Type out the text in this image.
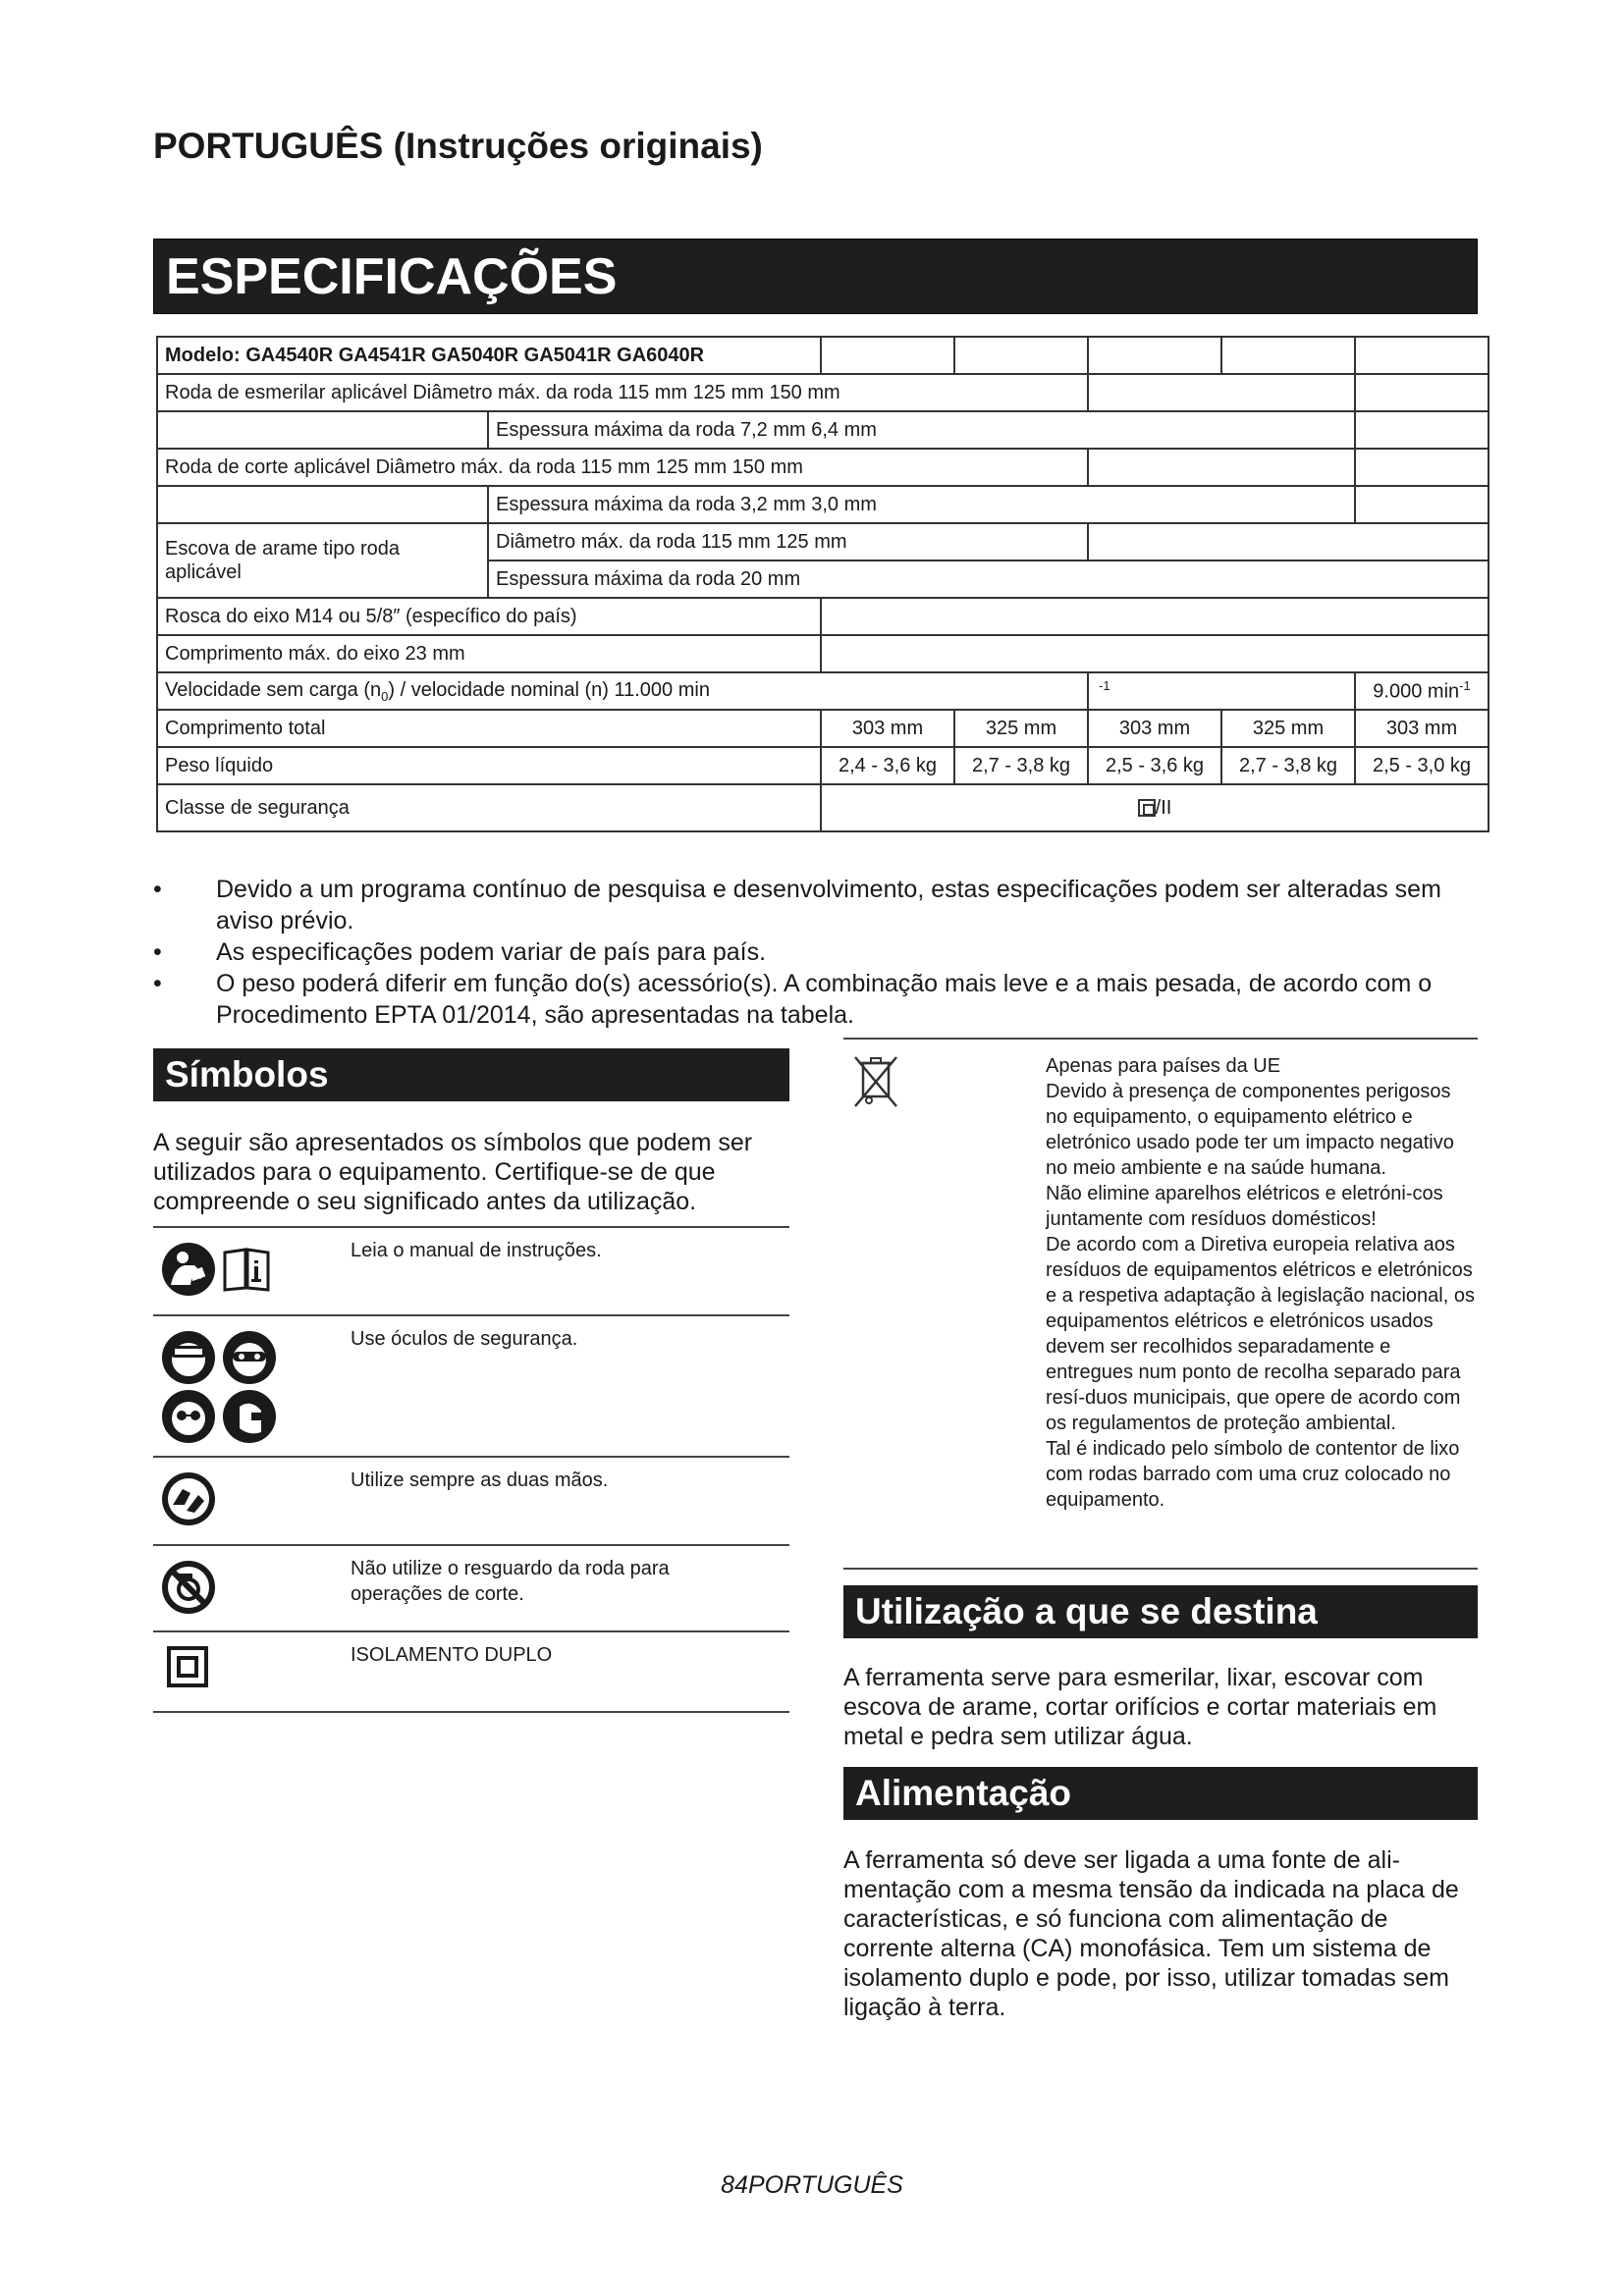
PORTUGUÊS (Instruções originais)
ESPECIFICAÇÕES
Modelo: GA4540R GA4541R GA5040R GA5041R GA6040R						
Roda de esmerilar aplicável Diâmetro máx. da roda 115 mm 125 mm 150 mm						
	Espessura máxima da roda 7,2 mm 6,4 mm					
Roda de corte aplicável Diâmetro máx. da roda 115 mm 125 mm 150 mm						
	Espessura máxima da roda 3,2 mm 3,0 mm					
Escova de arame tipo roda aplicável	Diâmetro máx. da roda 115 mm 125 mm					
	Espessura máxima da roda 20 mm					
Rosca do eixo M14 ou 5/8″ (específico do país)						
Comprimento máx. do eixo 23 mm						
Velocidade sem carga $(n_0)$ / velocidade nominal (n) 11.000 min				$^{-1}$		9.000 $\min^{-1}$
Comprimento total		303 mm	325 mm	303 mm	325 mm	303 mm
Peso líquido		2,4 - 3,6 kg	2,7 - 3,8 kg	2,5 - 3,6 kg	2,7 - 3,8 kg	2,5 - 3,0 kg
Classe de segurança		/II				
• Devido a um programa contínuo de pesquisa e desenvolvimento, estas especificações podem ser alteradas sem aviso prévio.
• As especificações podem variar de país para país.
• O peso poderá diferir em função do(s) acessório(s). A combinação mais leve e a mais pesada, de acordo com o Procedimento EPTA 01/2014, são apresentadas na tabela.
Símbolos

A seguir são apresentados os símbolos que podem ser utilizados para o equipamento. Certifique-se de que compreende o seu significado antes da utilização.

	Leia o manual de instruções.

	Use óculos de segurança.

	Utilize sempre as duas mãos.

	Não utilize o resguardo da roda para operações de corte.

	ISOLAMENTO DUPLO

Apenas para países da UE
Devido à presença de componentes perigosos no equipamento, o equipamento elétrico e eletrónico usado pode ter um impacto negativo no meio ambiente e na saúde humana.
Não elimine aparelhos elétricos e eletróni-cos juntamente com resíduos domésticos!
De acordo com a Diretiva europeia relativa aos resíduos de equipamentos elétricos e eletrónicos e a respetiva adaptação à legislação nacional, os equipamentos elétricos e eletrónicos usados devem ser recolhidos separadamente e entregues num ponto de recolha separado para resí-duos municipais, que opere de acordo com os regulamentos de proteção ambiental.
Tal é indicado pelo símbolo de contentor de lixo com rodas barrado com uma cruz colocado no equipamento.

Utilização a que se destina

A ferramenta serve para esmerilar, lixar, escovar com escova de arame, cortar orifícios e cortar materiais em metal e pedra sem utilizar água.

Alimentação

A ferramenta só deve ser ligada a uma fonte de ali-mentação com a mesma tensão da indicada na placa de características, e só funciona com alimentação de corrente alterna (CA) monofásica. Tem um sistema de isolamento duplo e pode, por isso, utilizar tomadas sem ligação à terra.

84PORTUGUÊS
